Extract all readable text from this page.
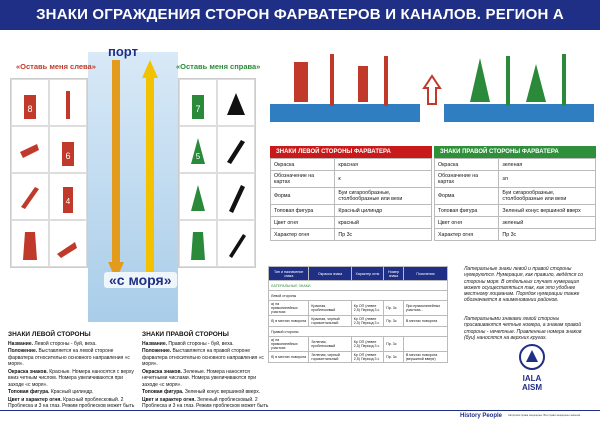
ЗНАКИ ОГРАЖДЕНИЯ СТОРОН ФАРВАТЕРОВ И КАНАЛОВ. РЕГИОН А
порт
«Оставь меня слева»	«Оставь меня справа»
8
6
4
7
5
«с моря»
ЗНАКИ ЛЕВОЙ СТОРОНЫ

Название. Левой стороны - буй, веха.

Положение. Выставляется на левой стороне фарватера относительно основного направления «с моря».

Окраска знаков. Красные. Номера наносятся с верху вниз четным числом. Номера увеличиваются при заходе «с моря».

Топовая фигура. Красный цилиндр.

Цвет и характер огня. Красный проблесковый. 2 Проблеска и 3 на глаз. Режим проблесков может быть

ЗНАКИ ПРАВОЙ СТОРОНЫ

Название. Правой стороны - буй, веха.

Положение. Выставляется на правой стороне фарватера относительно основного направления «с моря».

Окраска знаков. Зеленые. Номера наносятся нечетными числами. Номера увеличиваются при заходе «с моря».

Топовая фигура. Зеленый конус вершиной вверх.

Цвет и характер огня. Зеленый проблесковый. 2 Проблеска и 3 на глаз. Режим проблесков может быть

ЗНАКИ ЛЕВОЙ СТОРОНЫ ФАРВАТЕРА
Окраска	красная
Обозначение на картах	к
Форма	Буи сигарообразные, столбообразные или вехи
Топовая фигура	Красный цилиндр
Цвет огня	красный
Характер огня	Пр 3с
ЗНАКИ ПРАВОЙ СТОРОНЫ ФАРВАТЕРА
Окраска	зеленая
Обозначение на картах	зл
Форма	Буи сигарообразные, столбообразные или вехи
Топовая фигура	Зеленый конус вершиной вверх
Цвет огня	зеленый
Характер огня	Пр 3с
Тип и назначение знака	Окраска знака	Характер огня	Номер знака	Пояснения
ЛАТЕРАЛЬНЫЕ ЗНАКИ				
Левой стороны				
а) на прямолинейных участках	Красная, проблесковый	Кр ОП (левее 2,5) Период 3 с	Пр. 3с	При прямолинейных участках...
б) в местах поворота	Красная, черный горизонтальный	Кр ОП (левее 2,5) Период 3 с	Пр. 3с	В местах поворота
Правой стороны				
а) на прямолинейных участках	Зеленая, проблесковый	Кр ОП (левее 2,5) Период 3 с	Пр. 3с	
б) в местах поворота	Зеленая, черный горизонтальный	Кр ОП (левее 2,5) Период 3 с	Пр. 3с	В местах поворота (вершиной вверх)
Латеральные знаки левой и правой стороны нумеруются. Нумерация, как правило, ведётся со стороны моря. В отдельных случаях нумерация может осуществляться так, как это удобнее местному лоцманам. Порядок нумерации также обозначается в наименовании районов.
Латеральными знаками левой стороны присваиваются четные номера, а знакам правой стороны - нечетные. Правленные номера знаков (буи) наносятся на верхних кругах.
IALA AISM
History People Авторские права защищены. Все права защищены законом.
